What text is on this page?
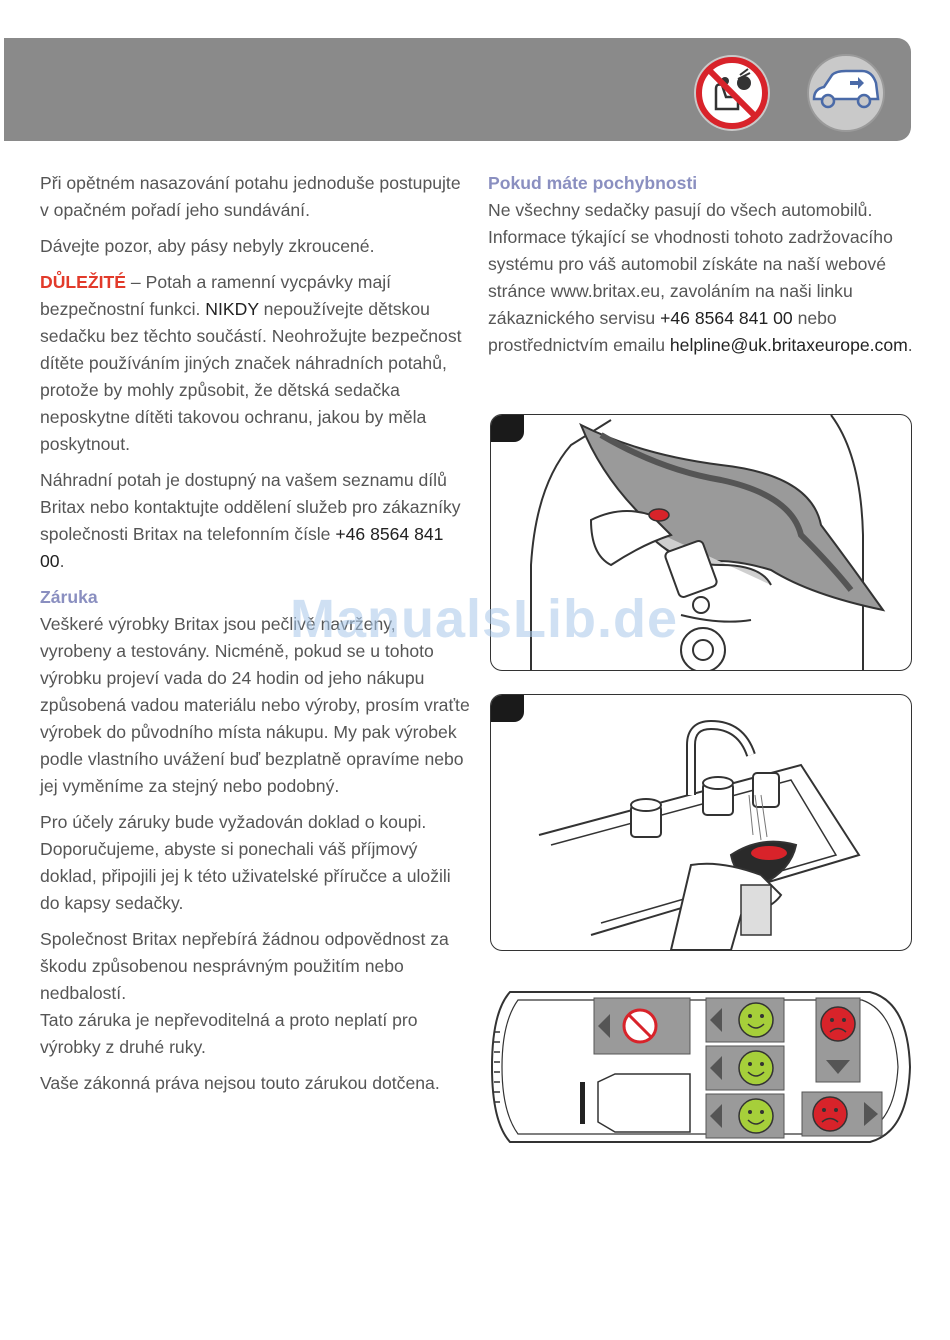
Při opětném nasazování potahu jednoduše postupujte v opačném pořadí jeho sundávání.

Dávejte pozor, aby pásy nebyly zkroucené.

DŮLEŽITÉ – Potah a ramenní vycpávky mají bezpečnostní funkci. NIKDY nepoužívejte dětskou sedačku bez těchto součástí. Neohrožujte bezpečnost dítěte používáním jiných značek náhradních potahů, protože by mohly způsobit, že dětská sedačka neposkytne dítěti takovou ochranu, jakou by měla poskytnout.

Náhradní potah je dostupný na vašem seznamu dílů Britax nebo kontaktujte oddělení služeb pro zákazníky společnosti Britax na telefonním čísle +46 8564 841 00.

Záruka

Veškeré výrobky Britax jsou pečlivě navrženy, vyrobeny a testovány. Nicméně, pokud se u tohoto výrobku projeví vada do 24 hodin od jeho nákupu způsobená vadou materiálu nebo výroby, prosím vraťte výrobek do původního místa nákupu. My pak výrobek podle vlastního uvážení buď bezplatně opravíme nebo jej vyměníme za stejný nebo podobný.

Pro účely záruky bude vyžadován doklad o koupi. Doporučujeme, abyste si ponechali váš příjmový doklad, připojili jej k této uživatelské příručce a uložili do kapsy sedačky.

Společnost Britax nepřebírá žádnou odpovědnost za škodu způsobenou nesprávným použitím nebo nedbalostí.
Tato záruka je nepřevoditelná a proto neplatí pro výrobky z druhé ruky.

Vaše zákonná práva nejsou touto zárukou dotčena.

Pokud máte pochybnosti

Ne všechny sedačky pasují do všech automobilů. Informace týkající se vhodnosti tohoto zadržovacího systému pro váš automobil získáte na naší webové stránce www.britax.eu, zavoláním na naši linku zákaznického servisu +46 8564 841 00 nebo prostřednictvím emailu helpline@uk.britaxeurope.com.

ManualsLib.de
